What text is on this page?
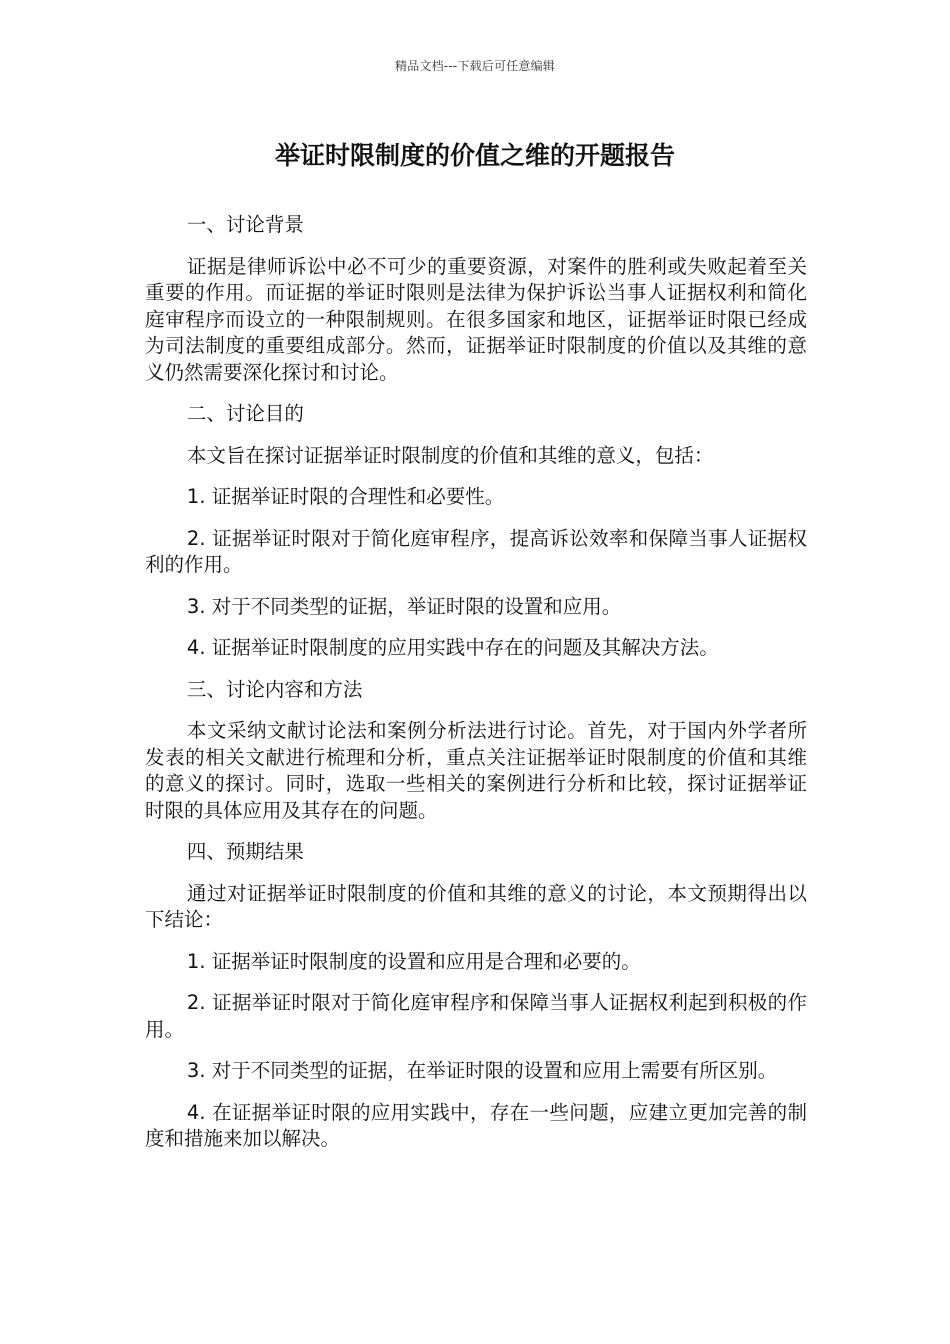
精品文档---下载后可任意编辑
举证时限制度的价值之维的开题报告
一、讨论背景
证据是律师诉讼中必不可少的重要资源，对案件的胜利或失败起着至关重要的作用。而证据的举证时限则是法律为保护诉讼当事人证据权利和简化庭审程序而设立的一种限制规则。在很多国家和地区，证据举证时限已经成为司法制度的重要组成部分。然而，证据举证时限制度的价值以及其维的意义仍然需要深化探讨和讨论。
二、讨论目的
本文旨在探讨证据举证时限制度的价值和其维的意义，包括：
1. 证据举证时限的合理性和必要性。
2. 证据举证时限对于简化庭审程序，提高诉讼效率和保障当事人证据权利的作用。
3. 对于不同类型的证据，举证时限的设置和应用。
4. 证据举证时限制度的应用实践中存在的问题及其解决方法。
三、讨论内容和方法
本文采纳文献讨论法和案例分析法进行讨论。首先，对于国内外学者所发表的相关文献进行梳理和分析，重点关注证据举证时限制度的价值和其维的意义的探讨。同时，选取一些相关的案例进行分析和比较，探讨证据举证时限的具体应用及其存在的问题。
四、预期结果
通过对证据举证时限制度的价值和其维的意义的讨论，本文预期得出以下结论：
1. 证据举证时限制度的设置和应用是合理和必要的。
2. 证据举证时限对于简化庭审程序和保障当事人证据权利起到积极的作用。
3. 对于不同类型的证据，在举证时限的设置和应用上需要有所区别。
4. 在证据举证时限的应用实践中，存在一些问题，应建立更加完善的制度和措施来加以解决。
